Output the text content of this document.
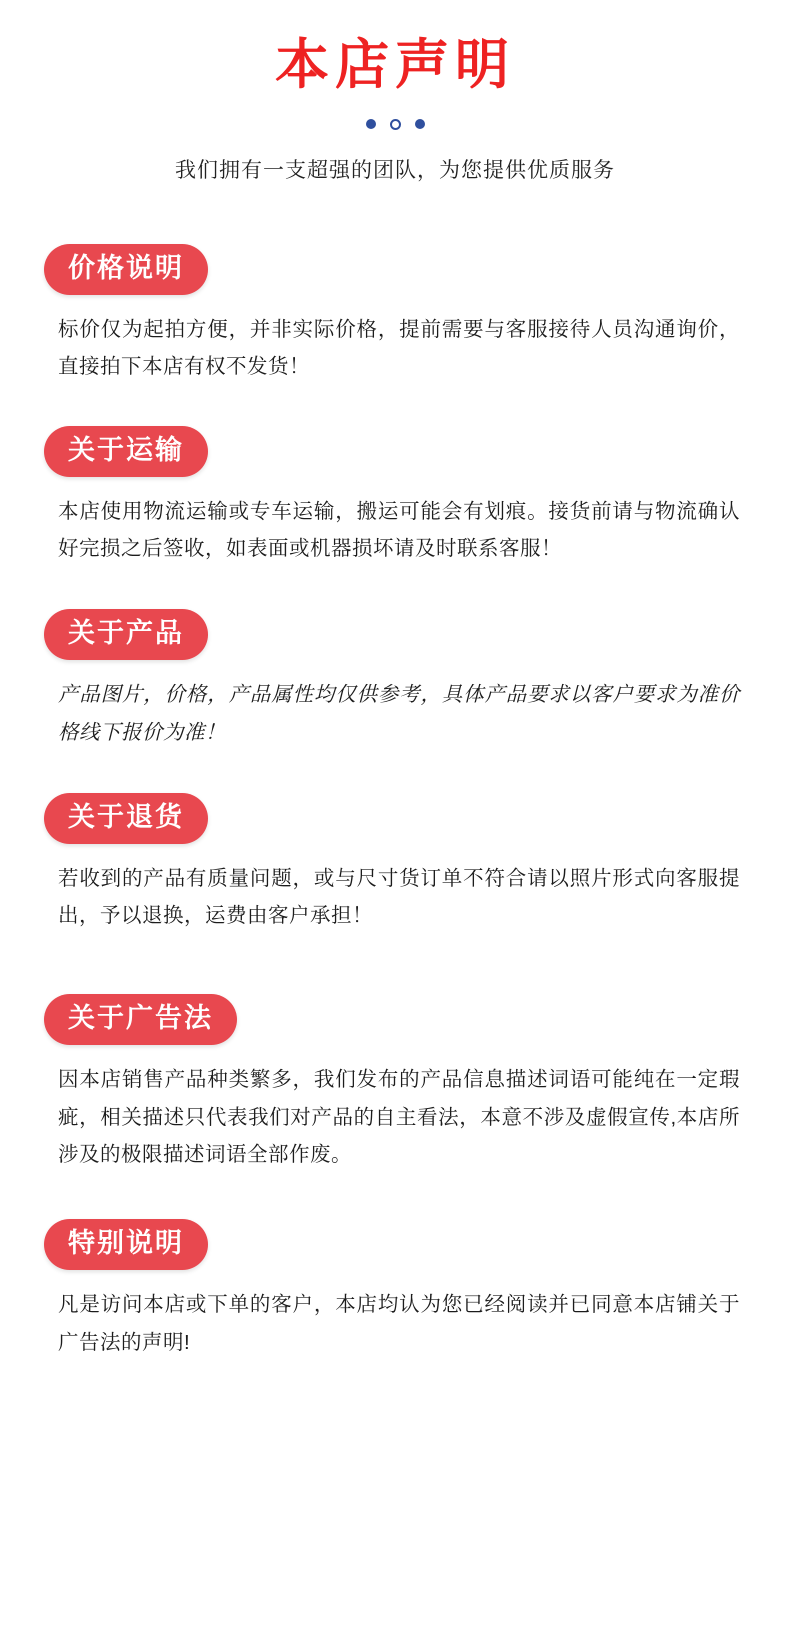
本店声明
我们拥有一支超强的团队，为您提供优质服务
价格说明

标价仅为起拍方便，并非实际价格，提前需要与客服接待人员沟通询价，直接拍下本店有权不发货！

关于运输

本店使用物流运输或专车运输，搬运可能会有划痕。接货前请与物流确认好完损之后签收，如表面或机器损坏请及时联系客服！

关于产品

产品图片，价格，产品属性均仅供参考，具体产品要求以客户要求为准价格线下报价为准！

关于退货

若收到的产品有质量问题，或与尺寸货订单不符合请以照片形式向客服提出，予以退换，运费由客户承担！

关于广告法

因本店销售产品种类繁多，我们发布的产品信息描述词语可能纯在一定瑕疵，相关描述只代表我们对产品的自主看法，本意不涉及虚假宣传,本店所涉及的极限描述词语全部作废。

特别说明

凡是访问本店或下单的客户，本店均认为您已经阅读并已同意本店铺关于广告法的声明!
